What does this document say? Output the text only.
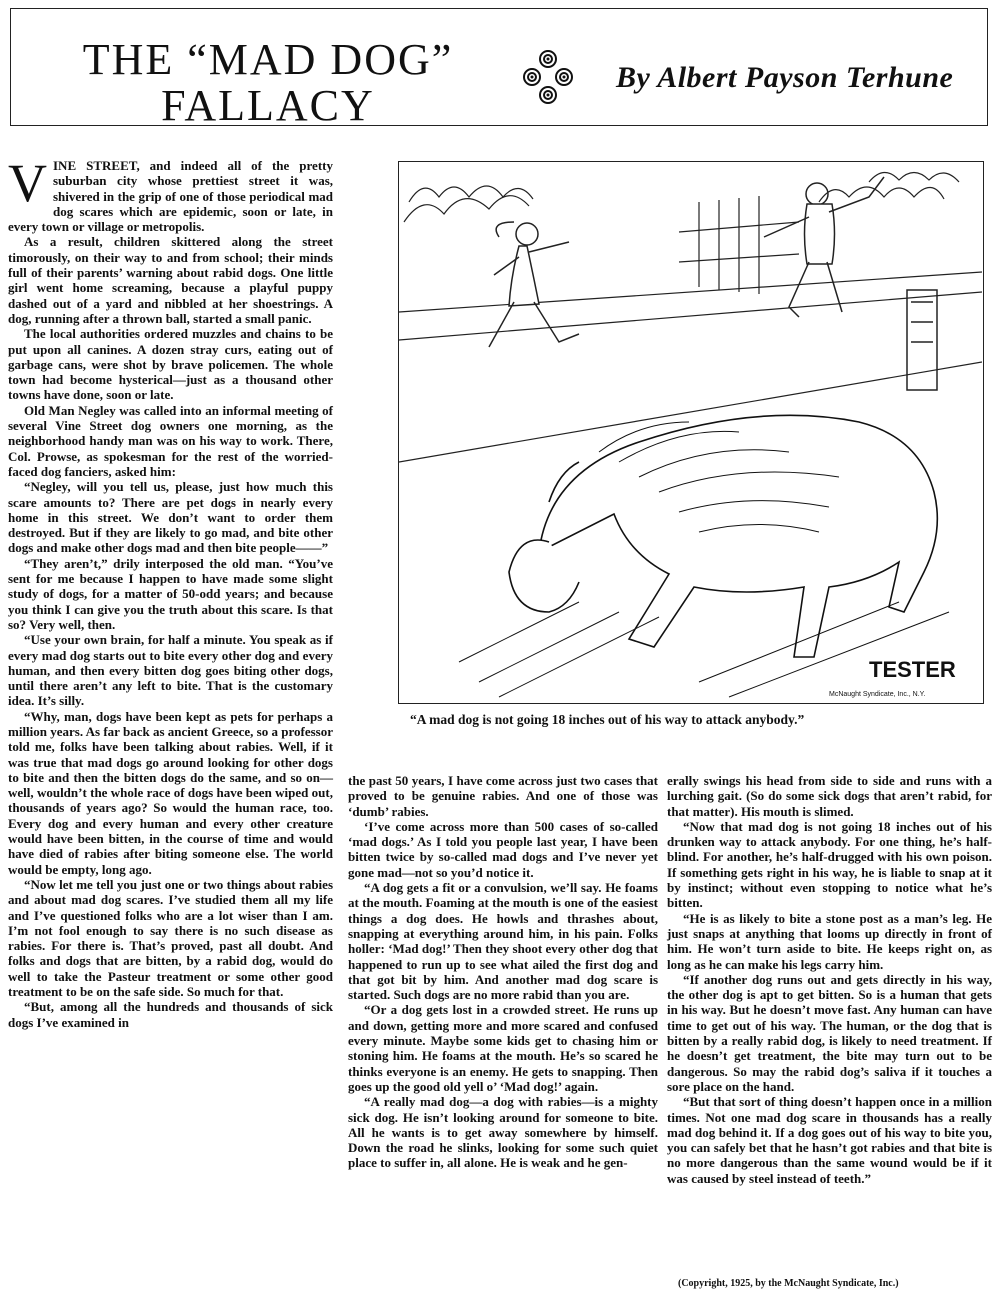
THE “MAD DOG”
FALLACY
By Albert Payson Terhune

VINE STREET, and indeed all of the pretty suburban city whose prettiest street it was, shivered in the grip of one of those periodical mad dog scares which are epidemic, soon or late, in every town or village or metropolis.

As a result, children skittered along the street timorously, on their way to and from school; their minds full of their parents’ warning about rabid dogs. One little girl went home screaming, because a playful puppy dashed out of a yard and nibbled at her shoestrings. A dog, running after a thrown ball, started a small panic.

The local authorities ordered muzzles and chains to be put upon all canines. A dozen stray curs, eating out of garbage cans, were shot by brave policemen. The whole town had become hysterical—just as a thousand other towns have done, soon or late.

Old Man Negley was called into an informal meeting of several Vine Street dog owners one morning, as the neighborhood handy man was on his way to work. There, Col. Prowse, as spokesman for the rest of the worried-faced dog fanciers, asked him:

“Negley, will you tell us, please, just how much this scare amounts to? There are pet dogs in nearly every home in this street. We don’t want to order them destroyed. But if they are likely to go mad, and bite other dogs and make other dogs mad and then bite people——”

“They aren’t,” drily interposed the old man. “You’ve sent for me because I happen to have made some slight study of dogs, for a matter of 50-odd years; and because you think I can give you the truth about this scare. Is that so? Very well, then.

“Use your own brain, for half a minute. You speak as if every mad dog starts out to bite every other dog and every human, and then every bitten dog goes biting other dogs, until there aren’t any left to bite. That is the customary idea. It’s silly.

“Why, man, dogs have been kept as pets for perhaps a million years. As far back as ancient Greece, so a professor told me, folks have been talking about rabies. Well, if it was true that mad dogs go around looking for other dogs to bite and then the bitten dogs do the same, and so on—well, wouldn’t the whole race of dogs have been wiped out, thousands of years ago? So would the human race, too. Every dog and every human and every other creature would have been bitten, in the course of time and would have died of rabies after biting someone else. The world would be empty, long ago.

“Now let me tell you just one or two things about rabies and about mad dog scares. I’ve studied them all my life and I’ve questioned folks who are a lot wiser than I am. I’m not fool enough to say there is no such disease as rabies. For there is. That’s proved, past all doubt. And folks and dogs that are bitten, by a rabid dog, would do well to take the Pasteur treatment or some other good treatment to be on the safe side. So much for that.

“But, among all the hundreds and thousands of sick dogs I’ve examined in

TESTER
McNaught Syndicate, Inc., N.Y.
“A mad dog is not going 18 inches out of his way to attack anybody.”

the past 50 years, I have come across just two cases that proved to be genuine rabies. And one of those was ‘dumb’ rabies.

‘I’ve come across more than 500 cases of so-called ‘mad dogs.’ As I told you people last year, I have been bitten twice by so-called mad dogs and I’ve never yet gone mad—not so you’d notice it.

“A dog gets a fit or a convulsion, we’ll say. He foams at the mouth. Foaming at the mouth is one of the easiest things a dog does. He howls and thrashes about, snapping at everything around him, in his pain. Folks holler: ‘Mad dog!’ Then they shoot every other dog that happened to run up to see what ailed the first dog and that got bit by him. And another mad dog scare is started. Such dogs are no more rabid than you are.

“Or a dog gets lost in a crowded street. He runs up and down, getting more and more scared and confused every minute. Maybe some kids get to chasing him or stoning him. He foams at the mouth. He’s so scared he thinks everyone is an enemy. He gets to snapping. Then goes up the good old yell o’ ‘Mad dog!’ again.

“A really mad dog—a dog with rabies—is a mighty sick dog. He isn’t looking around for someone to bite. All he wants is to get away somewhere by himself. Down the road he slinks, looking for some such quiet place to suffer in, all alone. He is weak and he gen-

erally swings his head from side to side and runs with a lurching gait. (So do some sick dogs that aren’t rabid, for that matter). His mouth is slimed.

“Now that mad dog is not going 18 inches out of his drunken way to attack anybody. For one thing, he’s half-blind. For another, he’s half-drugged with his own poison. If something gets right in his way, he is liable to snap at it by instinct; without even stopping to notice what he’s bitten.

“He is as likely to bite a stone post as a man’s leg. He just snaps at anything that looms up directly in front of him. He won’t turn aside to bite. He keeps right on, as long as he can make his legs carry him.

“If another dog runs out and gets directly in his way, the other dog is apt to get bitten. So is a human that gets in his way. But he doesn’t move fast. Any human can have time to get out of his way. The human, or the dog that is bitten by a really rabid dog, is likely to need treatment. If he doesn’t get treatment, the bite may turn out to be dangerous. So may the rabid dog’s saliva if it touches a sore place on the hand.

“But that sort of thing doesn’t happen once in a million times. Not one mad dog scare in thousands has a really mad dog behind it. If a dog goes out of his way to bite you, you can safely bet that he hasn’t got rabies and that bite is no more dangerous than the same wound would be if it was caused by steel instead of teeth.”

(Copyright, 1925, by the McNaught Syndicate, Inc.)
